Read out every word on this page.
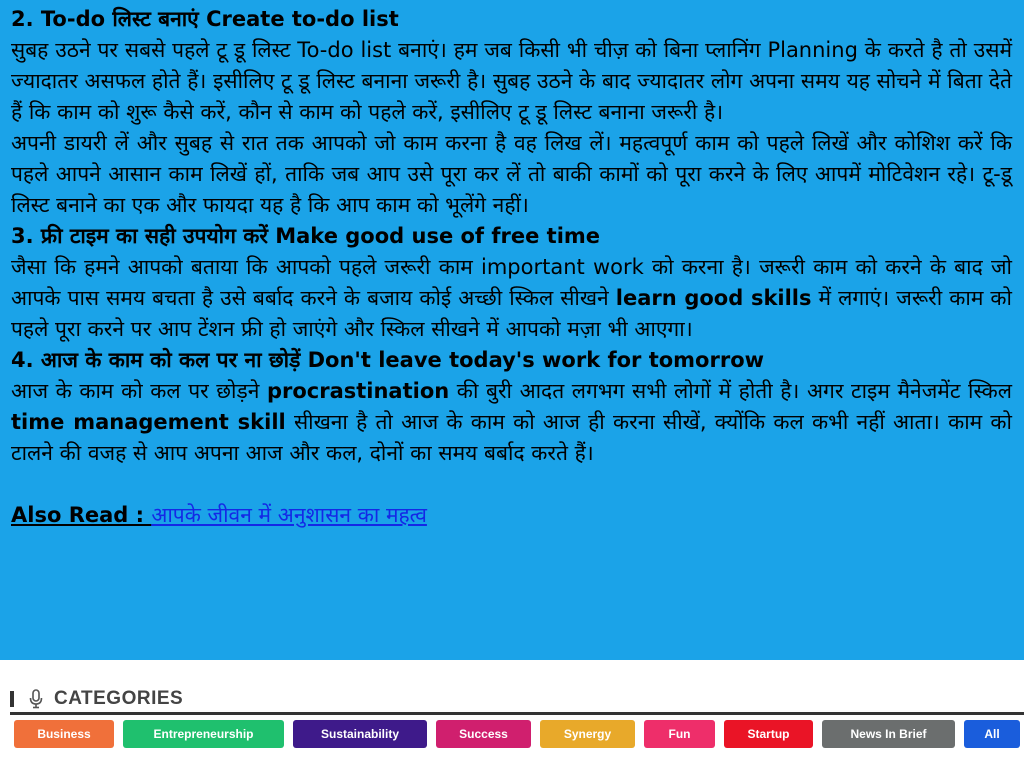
2. To-do लिस्ट बनाएं Create to-do list

सुबह उठने पर सबसे पहले टू डू लिस्ट To-do list बनाएं। हम जब किसी भी चीज़ को बिना प्लानिंग Planning के करते है तो उसमें ज्यादातर असफल होते हैं। इसीलिए टू डू लिस्ट बनाना जरूरी है। सुबह उठने के बाद ज्यादातर लोग अपना समय यह सोचने में बिता देते हैं कि काम को शुरू कैसे करें, कौन से काम को पहले करें, इसीलिए टू डू लिस्ट बनाना जरूरी है।

अपनी डायरी लें और सुबह से रात तक आपको जो काम करना है वह लिख लें। महत्वपूर्ण काम को पहले लिखें और कोशिश करें कि पहले आपने आसान काम लिखें हों, ताकि जब आप उसे पूरा कर लें तो बाकी कामों को पूरा करने के लिए आपमें मोटिवेशन रहे। टू-डू लिस्ट बनाने का एक और फायदा यह है कि आप काम को भूलेंगे नहीं।

3. फ्री टाइम का सही उपयोग करें Make good use of free time

जैसा कि हमने आपको बताया कि आपको पहले जरूरी काम important work को करना है। जरूरी काम को करने के बाद जो आपके पास समय बचता है उसे बर्बाद करने के बजाय कोई अच्छी स्किल सीखने learn good skills में लगाएं। जरूरी काम को पहले पूरा करने पर आप टेंशन फ्री हो जाएंगे और स्किल सीखने में आपको मज़ा भी आएगा।

4. आज के काम को कल पर ना छोड़ें Don't leave today's work for tomorrow

आज के काम को कल पर छोड़ने procrastination की बुरी आदत लगभग सभी लोगों में होती है। अगर टाइम मैनेजमेंट स्किल time management skill सीखना है तो आज के काम को आज ही करना सीखें, क्योंकि कल कभी नहीं आता। काम को टालने की वजह से आप अपना आज और कल, दोनों का समय बर्बाद करते हैं।

Also Read : आपके जीवन में अनुशासन का महत्व

CATEGORIES
Business	Entrepreneurship	Sustainability	Success	Synergy	Fun	Startup	News In Brief	All
